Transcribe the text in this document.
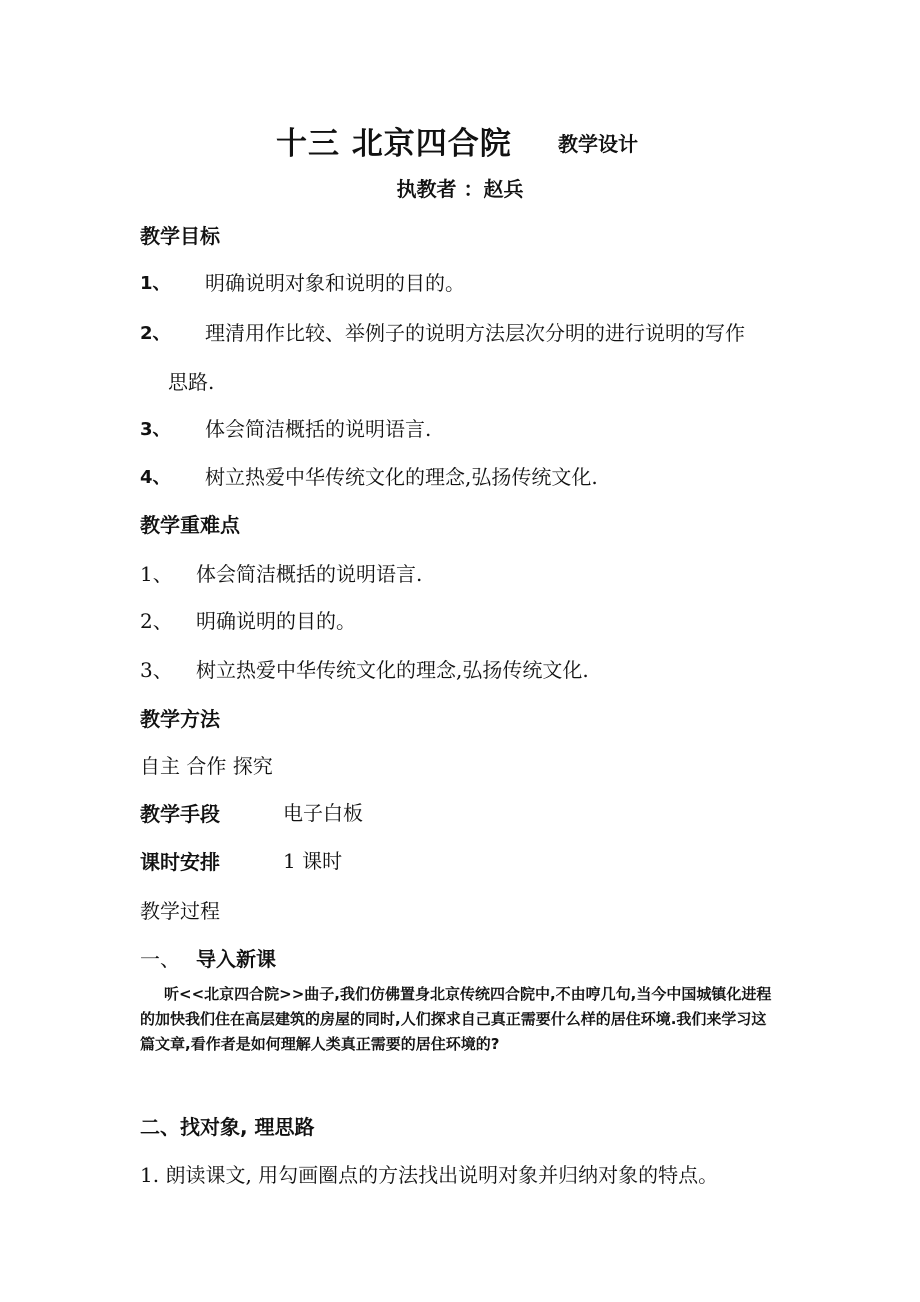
十三 北京四合院 教学设计
执教者 ：赵兵
教学目标
1、 明确说明对象和说明的目的。
2、 理清用作比较、举例子的说明方法层次分明的进行说明的写作
思路.
3、 体会简洁概括的说明语言.
4、 树立热爱中华传统文化的理念,弘扬传统文化.
教学重难点
1、 体会简洁概括的说明语言.
2、 明确说明的目的。
3、 树立热爱中华传统文化的理念,弘扬传统文化.
教学方法
自主 合作 探究
教学手段	电子白板
课时安排	1 课时
教学过程
一、 导入新课
听<<北京四合院>>曲子,我们仿佛置身北京传统四合院中,不由哼几句,当今中国城镇化进程的加快我们住在高层建筑的房屋的同时,人们探求自己真正需要什么样的居住环境.我们来学习这篇文章,看作者是如何理解人类真正需要的居住环境的?
二、找对象, 理思路
1. 朗读课文, 用勾画圈点的方法找出说明对象并归纳对象的特点。
